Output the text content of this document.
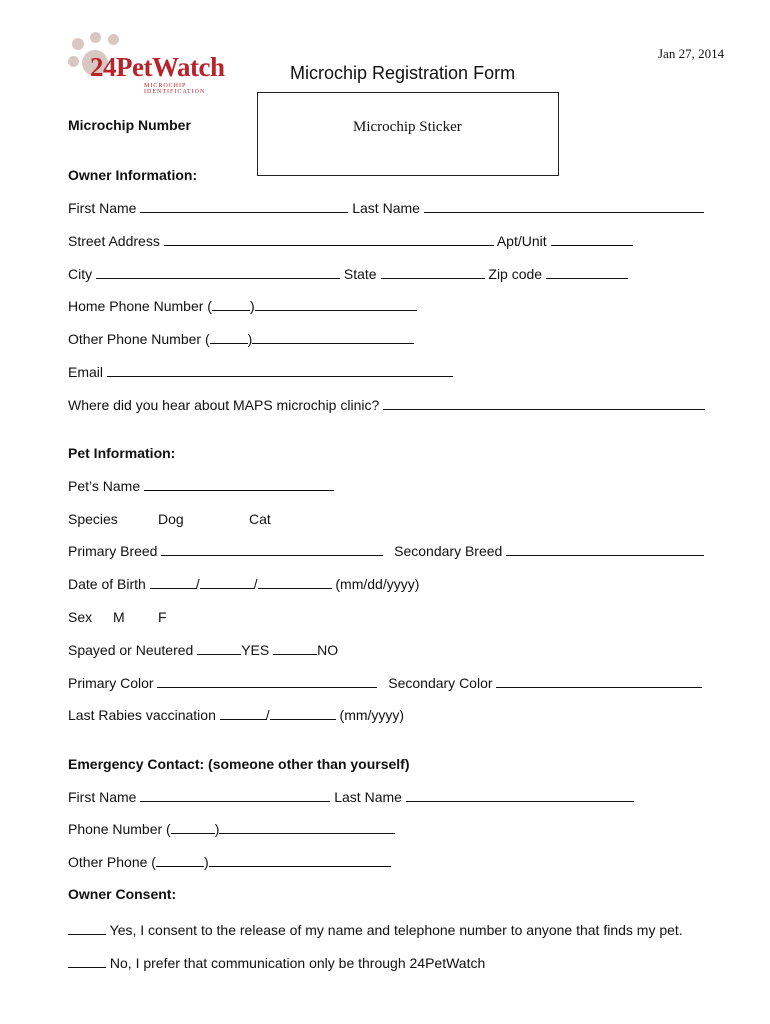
Jan 27, 2014
24PetWatch
MICROCHIP IDENTIFICATION
Microchip Registration Form
Microchip Number	Microchip Sticker
Owner Information:
First Name	Last Name
Street Address	Apt/Unit
City	State	Zip code
Home Phone Number (	)
Other Phone Number (	)
Email
Where did you hear about MAPS microchip clinic?
Pet Information:
Pet’s Name
Species	Dog	Cat
Primary Breed	Secondary Breed
Date of Birth	/	/	(mm/dd/yyyy)
Sex M F
Spayed or Neutered	YES	NO
Primary Color	Secondary Color
Last Rabies vaccination	/	(mm/yyyy)
Emergency Contact: (someone other than yourself)
First Name	Last Name
Phone Number (	)
Other Phone (	)
Owner Consent:
Yes, I consent to the release of my name and telephone number to anyone that finds my pet.
No, I prefer that communication only be through 24PetWatch
